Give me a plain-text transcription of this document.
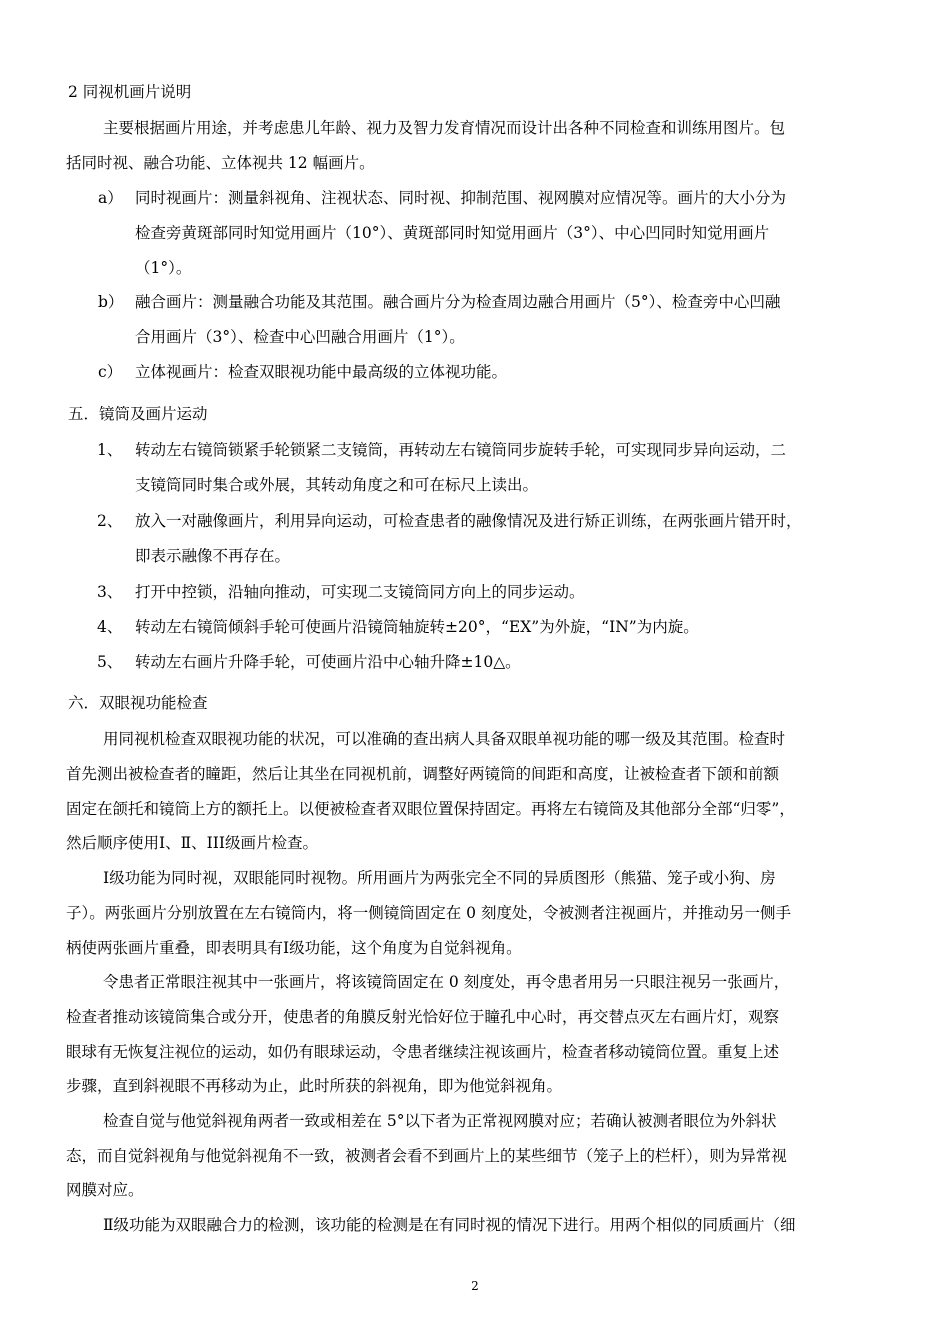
2 同视机画片说明
主要根据画片用途，并考虑患儿年龄、视力及智力发育情况而设计出各种不同检查和训练用图片。包
括同时视、融合功能、立体视共 12 幅画片。
a） 同时视画片：测量斜视角、注视状态、同时视、抑制范围、视网膜对应情况等。画片的大小分为
检查旁黄斑部同时知觉用画片（10°）、黄斑部同时知觉用画片（3°）、中心凹同时知觉用画片
（1°）。
b） 融合画片：测量融合功能及其范围。融合画片分为检查周边融合用画片（5°）、检查旁中心凹融
合用画片（3°）、检查中心凹融合用画片（1°）。
c） 立体视画片：检查双眼视功能中最高级的立体视功能。
五．镜筒及画片运动
1、 转动左右镜筒锁紧手轮锁紧二支镜筒，再转动左右镜筒同步旋转手轮，可实现同步异向运动，二
支镜筒同时集合或外展，其转动角度之和可在标尺上读出。
2、 放入一对融像画片，利用异向运动，可检查患者的融像情况及进行矫正训练，在两张画片错开时，
即表示融像不再存在。
3、 打开中控锁，沿轴向推动，可实现二支镜筒同方向上的同步运动。
4、 转动左右镜筒倾斜手轮可使画片沿镜筒轴旋转±20°，“EX”为外旋，“IN”为内旋。
5、 转动左右画片升降手轮，可使画片沿中心轴升降±10△。
六．双眼视功能检查
用同视机检查双眼视功能的状况，可以准确的查出病人具备双眼单视功能的哪一级及其范围。检查时
首先测出被检查者的瞳距，然后让其坐在同视机前，调整好两镜筒的间距和高度，让被检查者下颌和前额
固定在颌托和镜筒上方的额托上。以便被检查者双眼位置保持固定。再将左右镜筒及其他部分全部“归零”，
然后顺序使用Ⅰ、Ⅱ、III级画片检查。
Ⅰ级功能为同时视，双眼能同时视物。所用画片为两张完全不同的异质图形（熊猫、笼子或小狗、房
子）。两张画片分别放置在左右镜筒内，将一侧镜筒固定在 0 刻度处，令被测者注视画片，并推动另一侧手
柄使两张画片重叠，即表明具有Ⅰ级功能，这个角度为自觉斜视角。
令患者正常眼注视其中一张画片，将该镜筒固定在 0 刻度处，再令患者用另一只眼注视另一张画片，
检查者推动该镜筒集合或分开，使患者的角膜反射光恰好位于瞳孔中心时，再交替点灭左右画片灯，观察
眼球有无恢复注视位的运动，如仍有眼球运动，令患者继续注视该画片，检查者移动镜筒位置。重复上述
步骤，直到斜视眼不再移动为止，此时所获的斜视角，即为他觉斜视角。
检查自觉与他觉斜视角两者一致或相差在 5°以下者为正常视网膜对应；若确认被测者眼位为外斜状
态，而自觉斜视角与他觉斜视角不一致，被测者会看不到画片上的某些细节（笼子上的栏杆），则为异常视
网膜对应。
Ⅱ级功能为双眼融合力的检测，该功能的检测是在有同时视的情况下进行。用两个相似的同质画片（细
2
